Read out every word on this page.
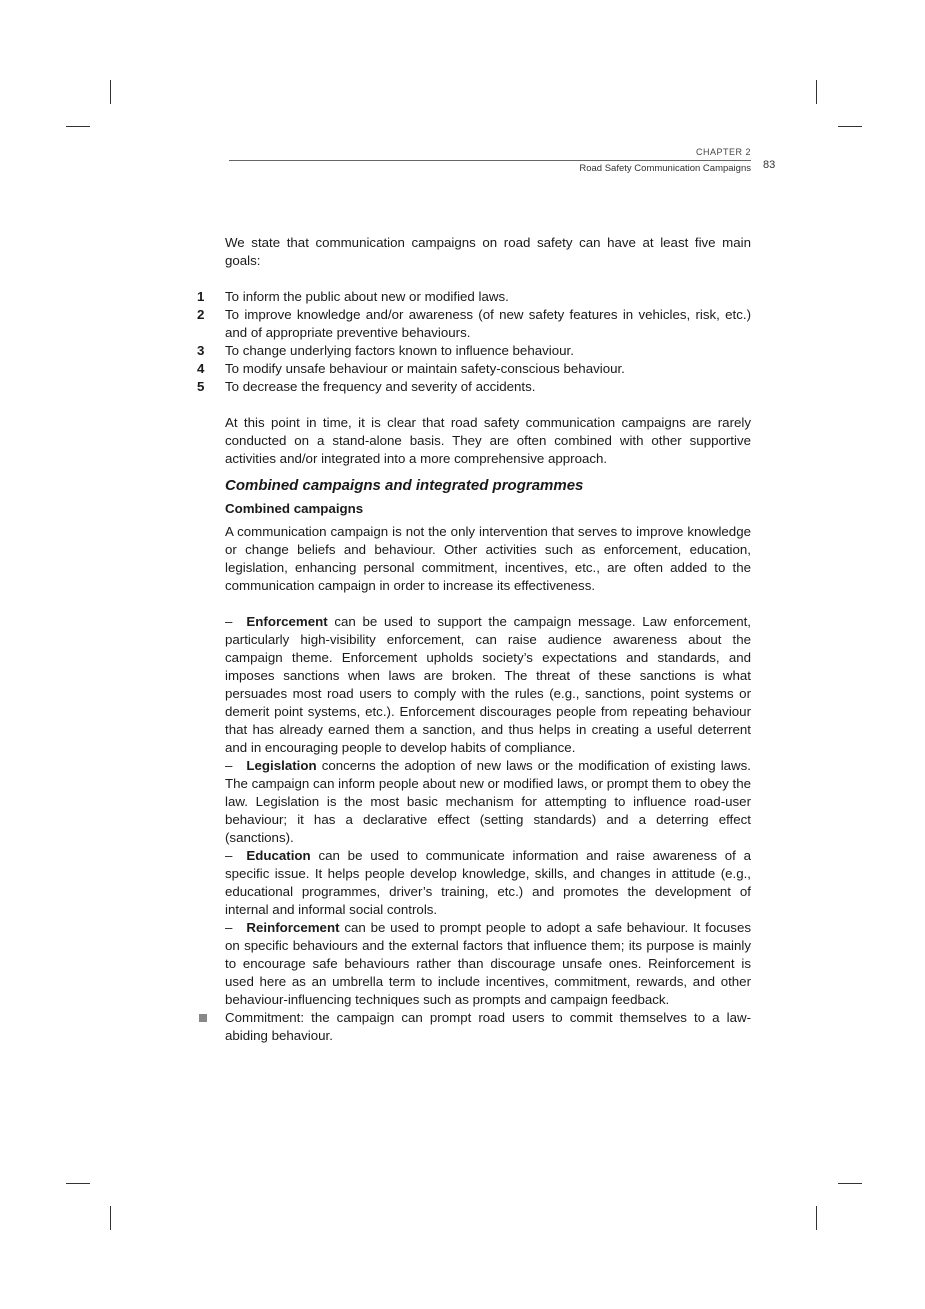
CHAPTER 2
Road Safety Communication Campaigns 83

We state that communication campaigns on road safety can have at least five main goals:

1	To inform the public about new or modified laws.
2	To improve knowledge and/or awareness (of new safety features in vehicles, risk, etc.) and of appropriate preventive behaviours.
3	To change underlying factors known to influence behaviour.
4	To modify unsafe behaviour or maintain safety-conscious behaviour.
5	To decrease the frequency and severity of accidents.

At this point in time, it is clear that road safety communication campaigns are rarely conducted on a stand-alone basis. They are often combined with other supportive activities and/or integrated into a more comprehensive approach.

Combined campaigns and integrated programmes
Combined campaigns

A communication campaign is not the only intervention that serves to improve knowledge or change beliefs and behaviour. Other activities such as enforcement, education, legislation, enhancing personal commitment, incentives, etc., are often added to the communication campaign in order to increase its effectiveness.

– Enforcement can be used to support the campaign message. Law enforcement, particularly high-visibility enforcement, can raise audience awareness about the campaign theme. Enforcement upholds society’s expectations and standards, and imposes sanctions when laws are broken. The threat of these sanctions is what persuades most road users to comply with the rules (e.g., sanctions, point systems or demerit point systems, etc.). Enforcement discourages people from repeating behaviour that has already earned them a sanction, and thus helps in creating a useful deterrent and in encouraging people to develop habits of compliance.

– Legislation concerns the adoption of new laws or the modification of existing laws. The campaign can inform people about new or modified laws, or prompt them to obey the law. Legislation is the most basic mechanism for attempting to influence road-user behaviour; it has a declarative effect (setting standards) and a deterring effect (sanctions).

– Education can be used to communicate information and raise awareness of a specific issue. It helps people develop knowledge, skills, and changes in attitude (e.g., educational programmes, driver’s training, etc.) and promotes the development of internal and informal social controls.

– Reinforcement can be used to prompt people to adopt a safe behaviour. It focuses on specific behaviours and the external factors that influence them; its purpose is mainly to encourage safe behaviours rather than discourage unsafe ones. Reinforcement is used here as an umbrella term to include incentives, commitment, rewards, and other behaviour-influencing techniques such as prompts and campaign feedback.

Commitment: the campaign can prompt road users to commit themselves to a law-abiding behaviour.
